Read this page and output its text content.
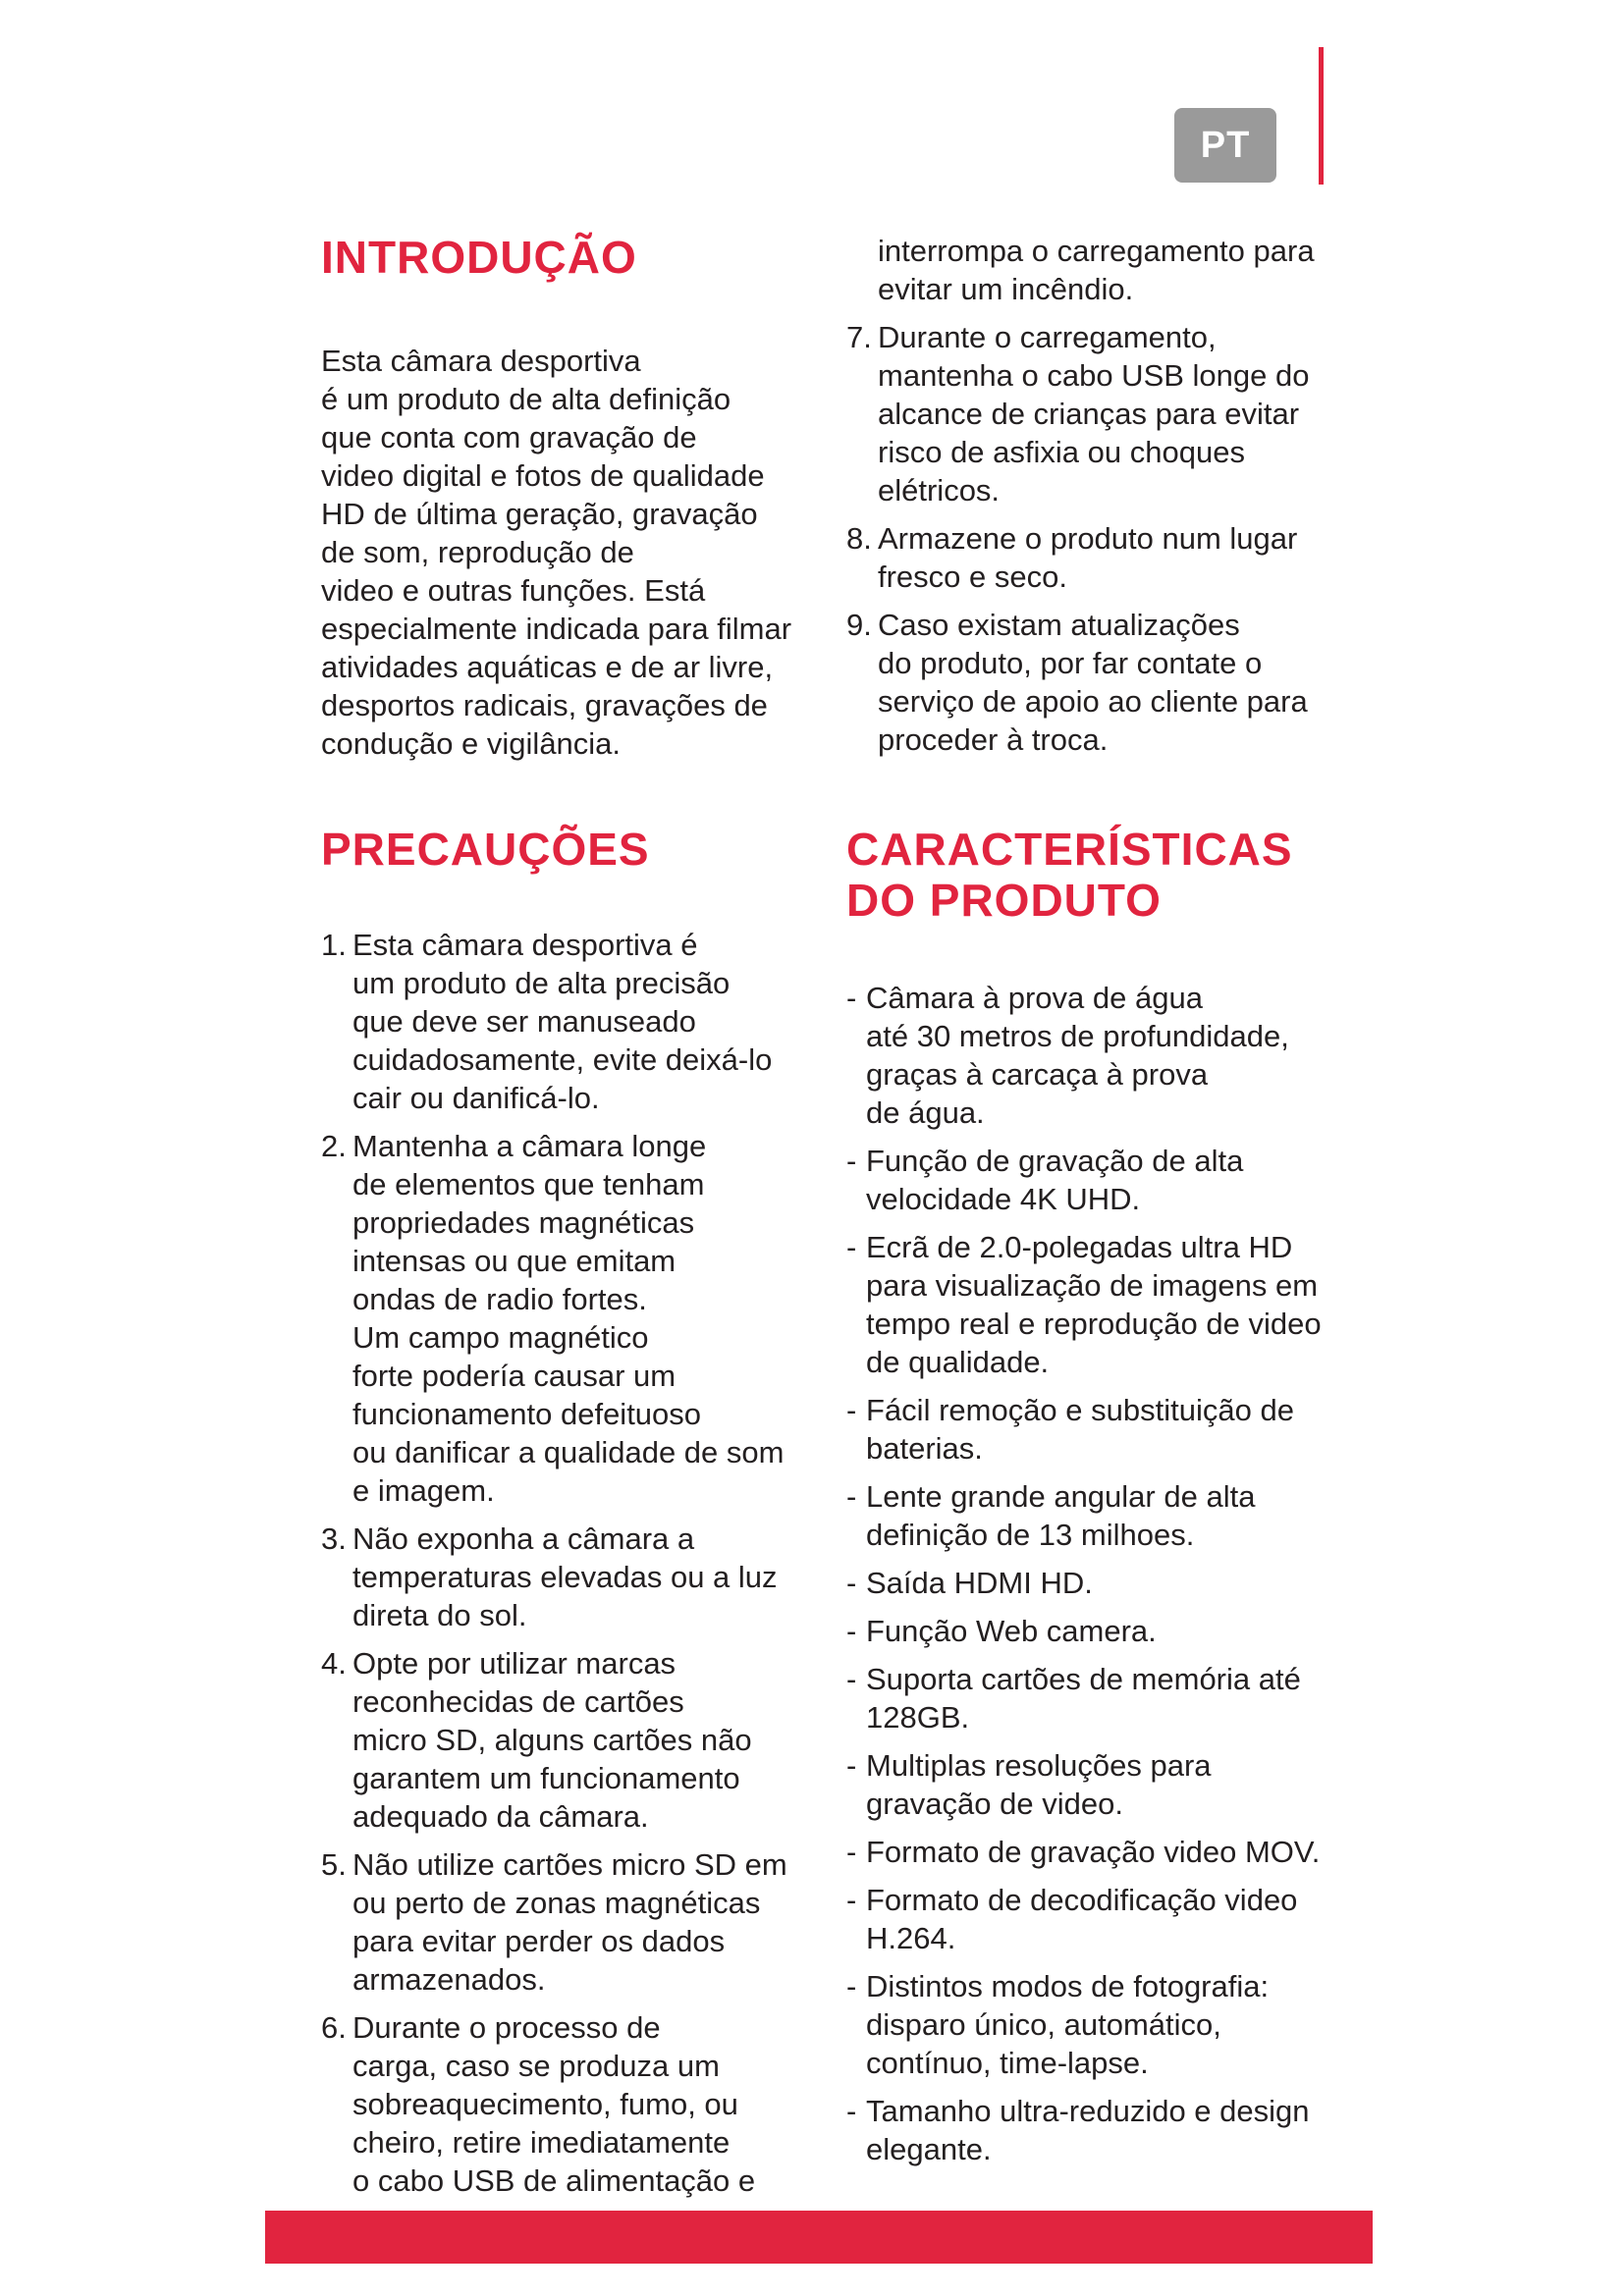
PT
INTRODUÇÃO

Esta câmara desportiva
é um produto de alta definição
que conta com gravação de
video digital e fotos de qualidade
HD de última geração, gravação
de som, reprodução de
video e outras funções. Está
especialmente indicada para filmar
atividades aquáticas e de ar livre,
desportos radicais, gravações de
condução e vigilância.

PRECAUÇÕES
1. Esta câmara desportiva é
um produto de alta precisão
que deve ser manuseado
cuidadosamente, evite deixá-lo
cair ou danificá-lo.
2. Mantenha a câmara longe
de elementos que tenham
propriedades magnéticas
intensas ou que emitam
ondas de radio fortes.
Um campo magnético
forte podería causar um
funcionamento defeituoso
ou danificar a qualidade de som
e imagem.
3. Não exponha a câmara a
temperaturas elevadas ou a luz
direta do sol.
4. Opte por utilizar marcas
reconhecidas de cartões
micro SD, alguns cartões não
garantem um funcionamento
adequado da câmara.
5. Não utilize cartões micro SD em
ou perto de zonas magnéticas
para evitar perder os dados
armazenados.
6. Durante o processo de
carga, caso se produza um
sobreaquecimento, fumo, ou
cheiro, retire imediatamente
o cabo USB de alimentação e

interrompa o carregamento para
evitar um incêndio.

7. Durante o carregamento,
mantenha o cabo USB longe do
alcance de crianças para evitar
risco de asfixia ou choques
elétricos.
8. Armazene o produto num lugar
fresco e seco.
9. Caso existam atualizações
do produto, por far contate o
serviço de apoio ao cliente para
proceder à troca.
CARACTERÍSTICAS
DO PRODUTO
- Câmara à prova de água
até 30 metros de profundidade,
graças à carcaça à prova
de água.
- Função de gravação de alta
velocidade 4K UHD.
- Ecrã de 2.0-polegadas ultra HD
para visualização de imagens em
tempo real e reprodução de video
de qualidade.
- Fácil remoção e substituição de
baterias.
- Lente grande angular de alta
definição de 13 milhoes.
- Saída HDMI HD.
- Função Web camera.
- Suporta cartões de memória até
128GB.
- Multiplas resoluções para
gravação de video.
- Formato de gravação video MOV.
- Formato de decodificação video
H.264.
- Distintos modos de fotografia:
disparo único, automático,
contínuo, time-lapse.
- Tamanho ultra-reduzido e design
elegante.
